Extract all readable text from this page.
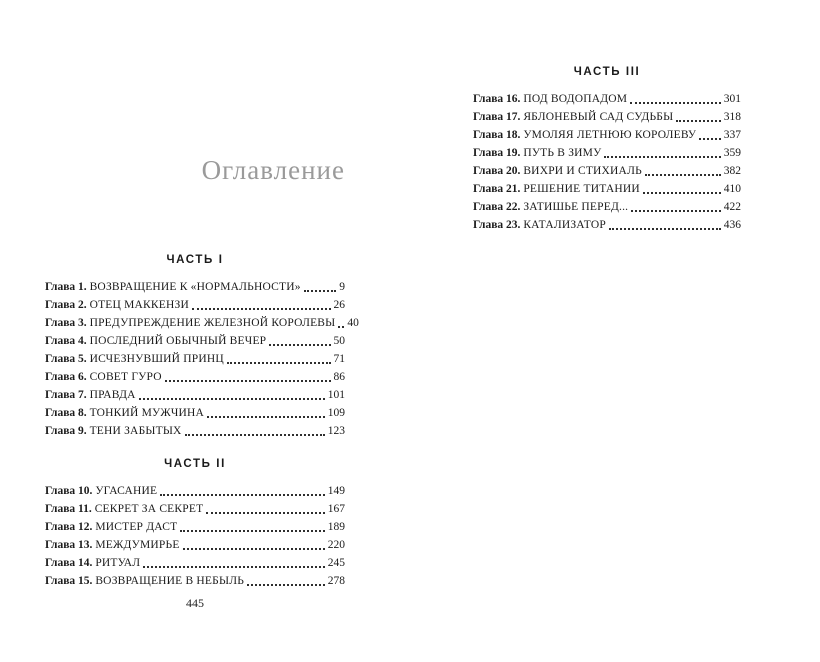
Оглавление
ЧАСТЬ I
Глава 1. ВОЗВРАЩЕНИЕ К «НОРМАЛЬНОСТИ»	9
Глава 2. ОТЕЦ МАККЕНЗИ	26
Глава 3. ПРЕДУПРЕЖДЕНИЕ ЖЕЛЕЗНОЙ КОРОЛЕВЫ 40
Глава 4. ПОСЛЕДНИЙ ОБЫЧНЫЙ ВЕЧЕР	50
Глава 5. ИСЧЕЗНУВШИЙ ПРИНЦ	71
Глава 6. СОВЕТ ГУРО	86
Глава 7. ПРАВДА	101
Глава 8. ТОНКИЙ МУЖЧИНА	109
Глава 9. ТЕНИ ЗАБЫТЫХ	123
ЧАСТЬ II
Глава 10. УГАСАНИЕ	149
Глава 11. СЕКРЕТ ЗА СЕКРЕТ	167
Глава 12. МИСТЕР ДАСТ	189
Глава 13. МЕЖДУМИРЬЕ	220
Глава 14. РИТУАЛ	245
Глава 15. ВОЗВРАЩЕНИЕ В НЕБЫЛЬ	278
445
ЧАСТЬ III
Глава 16. ПОД ВОДОПАДОМ	301
Глава 17. ЯБЛОНЕВЫЙ САД СУДЬБЫ	318
Глава 18. УМОЛЯЯ ЛЕТНЮЮ КОРОЛЕВУ 337
Глава 19. ПУТЬ В ЗИМУ	359
Глава 20. ВИХРИ И СТИХИАЛЬ	382
Глава 21. РЕШЕНИЕ ТИТАНИИ	410
Глава 22. ЗАТИШЬЕ ПЕРЕД...	422
Глава 23. КАТАЛИЗАТОР	436
